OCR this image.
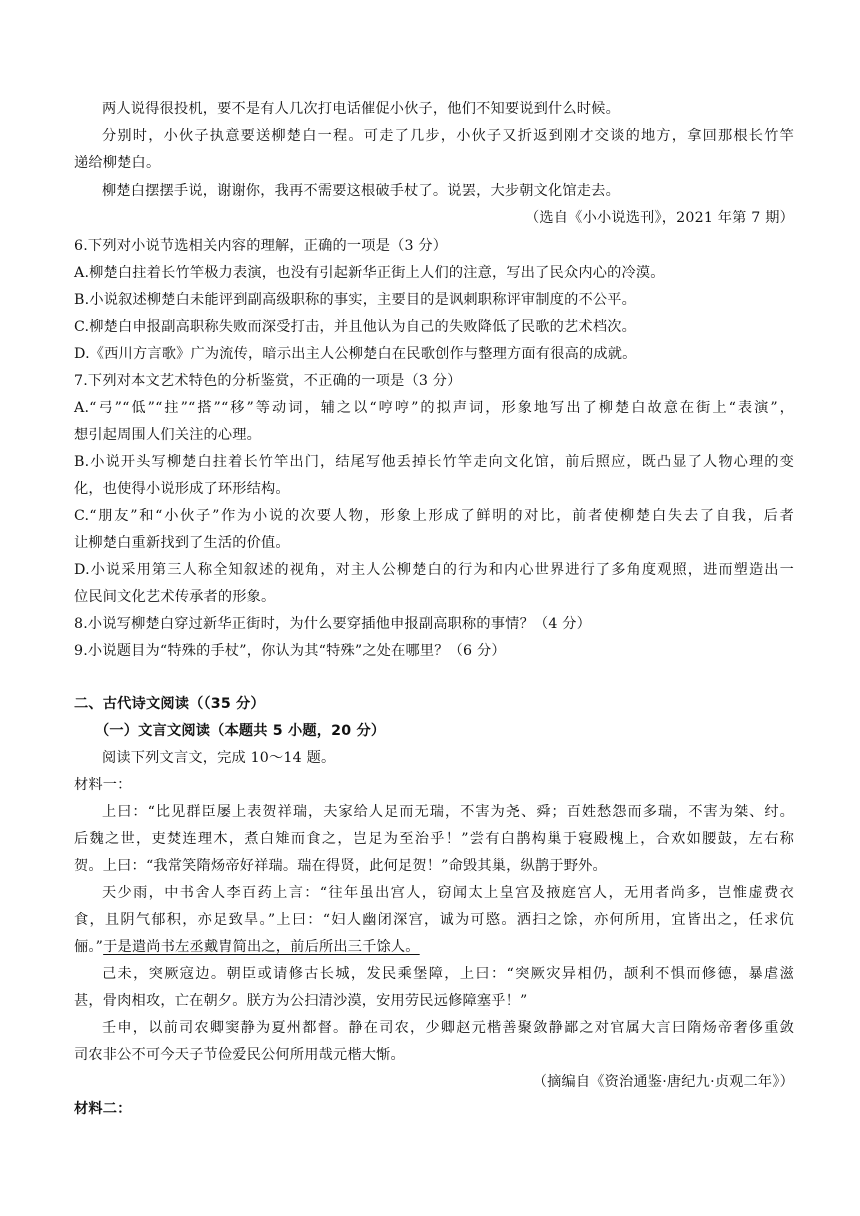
两人说得很投机，要不是有人几次打电话催促小伙子，他们不知要说到什么时候。
分别时，小伙子执意要送柳楚白一程。可走了几步，小伙子又折返到刚才交谈的地方，拿回那根长竹竿
递给柳楚白。
柳楚白摆摆手说，谢谢你，我再不需要这根破手杖了。说罢，大步朝文化馆走去。
（选自《小小说选刊》，2021 年第 7 期）
6.下列对小说节选相关内容的理解，正确的一项是（3 分）
A.柳楚白拄着长竹竿极力表演，也没有引起新华正街上人们的注意，写出了民众内心的冷漠。
B.小说叙述柳楚白未能评到副高级职称的事实，主要目的是讽刺职称评审制度的不公平。
C.柳楚白申报副高职称失败而深受打击，并且他认为自己的失败降低了民歌的艺术档次。
D.《西川方言歌》广为流传，暗示出主人公柳楚白在民歌创作与整理方面有很高的成就。
7.下列对本文艺术特色的分析鉴赏，不正确的一项是（3 分）
A.“弓”“低”“拄”“搭”“移”等动词，辅之以“哼哼”的拟声词，形象地写出了柳楚白故意在街上“表演”，
想引起周围人们关注的心理。
B.小说开头写柳楚白拄着长竹竿出门，结尾写他丢掉长竹竿走向文化馆，前后照应，既凸显了人物心理的变
化，也使得小说形成了环形结构。
C.“朋友”和“小伙子”作为小说的次要人物，形象上形成了鲜明的对比，前者使柳楚白失去了自我，后者
让柳楚白重新找到了生活的价值。
D.小说采用第三人称全知叙述的视角，对主人公柳楚白的行为和内心世界进行了多角度观照，进而塑造出一
位民间文化艺术传承者的形象。
8.小说写柳楚白穿过新华正街时，为什么要穿插他申报副高职称的事情？（4 分）
9.小说题目为“特殊的手杖”，你认为其“特殊”之处在哪里？（6 分）
二、古代诗文阅读（（35 分）
（一）文言文阅读（本题共 5 小题，20 分）
阅读下列文言文，完成 10～14 题。
材料一：
上曰：“比见群臣屡上表贺祥瑞，夫家给人足而无瑞，不害为尧、舜；百姓愁怨而多瑞，不害为桀、纣。
后魏之世，吏焚连理木，煮白雉而食之，岂足为至治乎！”尝有白鹊构巢于寝殿槐上，合欢如腰鼓，左右称
贺。上曰：“我常笑隋炀帝好祥瑞。瑞在得贤，此何足贺！”命毁其巢，纵鹊于野外。
天少雨，中书舍人李百药上言：“往年虽出宫人，窃闻太上皇宫及掖庭宫人，无用者尚多，岂惟虚费衣
食，且阴气郁积，亦足致旱。”上曰：“妇人幽闭深宫，诚为可愍。洒扫之馀，亦何所用，宜皆出之，任求伉
俪。”于是遣尚书左丞戴胄简出之，前后所出三千馀人。
己未，突厥寇边。朝臣或请修古长城，发民乘堡障，上曰：“突厥灾异相仍，颉利不惧而修德，暴虐滋
甚，骨肉相攻，亡在朝夕。朕方为公扫清沙漠，安用劳民远修障塞乎！”
壬申，以前司农卿窦静为夏州都督。静在司农，少卿赵元楷善聚敛静鄙之对官属大言曰隋炀帝奢侈重敛
司农非公不可今天子节俭爱民公何所用哉元楷大惭。
（摘编自《资治通鉴·唐纪九·贞观二年》）
材料二：
